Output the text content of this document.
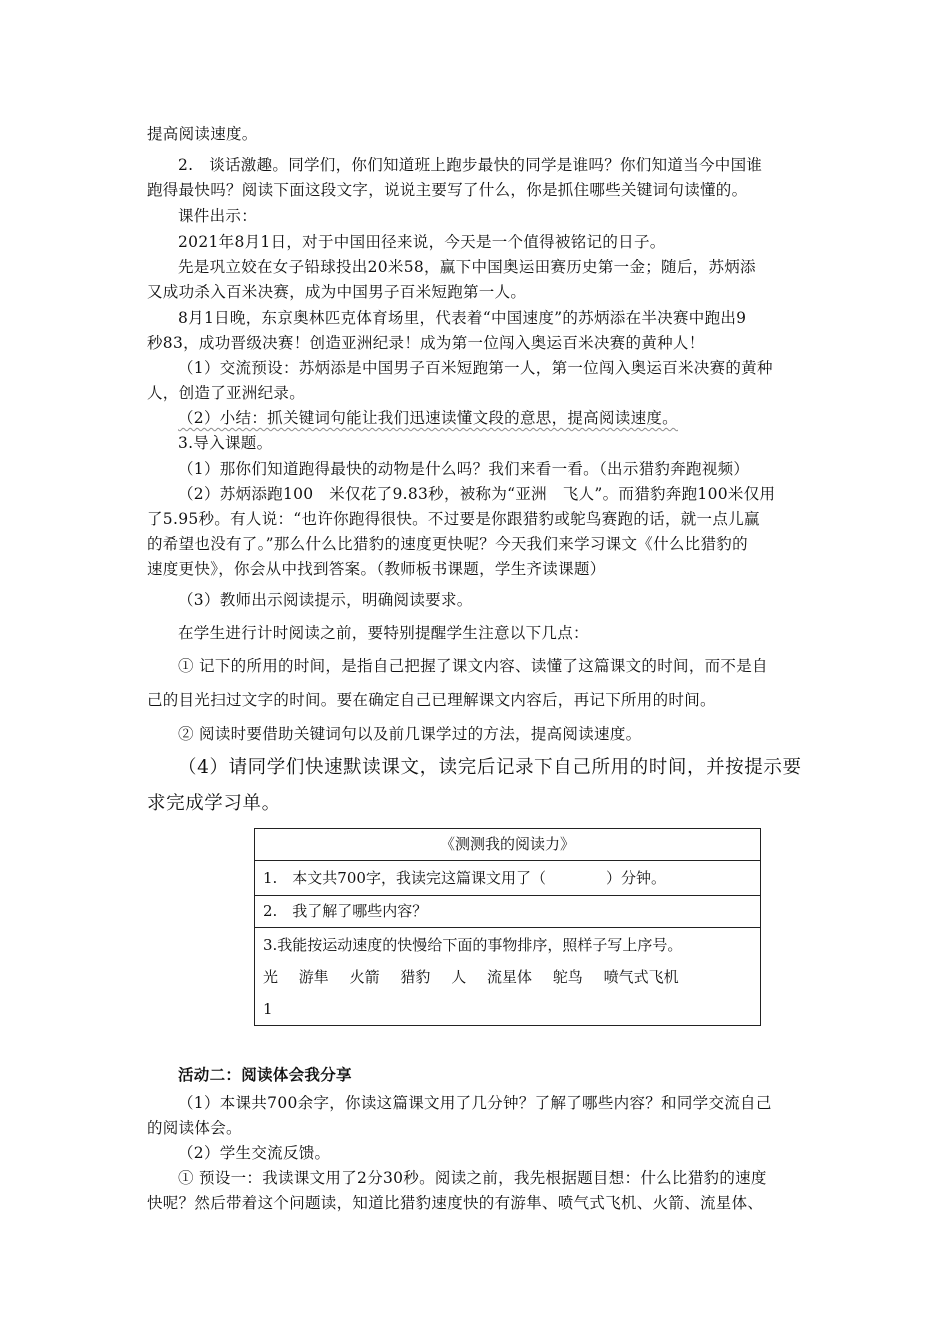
提高阅读速度。
2.　谈话激趣。同学们，你们知道班上跑步最快的同学是谁吗？你们知道当今中国谁
跑得最快吗？阅读下面这段文字，说说主要写了什么，你是抓住哪些关键词句读懂的。
课件出示：
2021年8月1日，对于中国田径来说，今天是一个值得被铭记的日子。
先是巩立姣在女子铅球投出20米58，赢下中国奥运田赛历史第一金；随后，苏炳添
又成功杀入百米决赛，成为中国男子百米短跑第一人。
8月1日晚，东京奥林匹克体育场里，代表着“中国速度”的苏炳添在半决赛中跑出9
秒83，成功晋级决赛！创造亚洲纪录！成为第一位闯入奥运百米决赛的黄种人！
（1）交流预设：苏炳添是中国男子百米短跑第一人，第一位闯入奥运百米决赛的黄种
人，创造了亚洲纪录。
（2）小结：抓关键词句能让我们迅速读懂文段的意思，提高阅读速度。
3.导入课题。
（1）那你们知道跑得最快的动物是什么吗？我们来看一看。（出示猎豹奔跑视频）
（2）苏炳添跑100　米仅花了9.83秒，被称为“亚洲　飞人”。而猎豹奔跑100米仅用
了5.95秒。有人说：“也许你跑得很快。不过要是你跟猎豹或鸵鸟赛跑的话，就一点儿赢
的希望也没有了。”那么什么比猎豹的速度更快呢？今天我们来学习课文《什么比猎豹的
速度更快》，你会从中找到答案。（教师板书课题，学生齐读课题）
（3）教师出示阅读提示，明确阅读要求。
在学生进行计时阅读之前，要特别提醒学生注意以下几点：
① 记下的所用的时间，是指自己把握了课文内容、读懂了这篇课文的时间，而不是自
己的目光扫过文字的时间。要在确定自己已理解课文内容后，再记下所用的时间。
② 阅读时要借助关键词句以及前几课学过的方法，提高阅读速度。
（4）请同学们快速默读课文，读完后记录下自己所用的时间，并按提示要
求完成学习单。
《测测我的阅读力》
1.　本文共700字，我读完这篇课文用了（	）分钟。
2.　我了解了哪些内容？

3.我能按运动速度的快慢给下面的事物排序，照样子写上序号。
光 游隼 火箭 猎豹 人 流星体 鸵鸟 喷气式飞机
1
活动二：阅读体会我分享
（1）本课共700余字，你读这篇课文用了几分钟？了解了哪些内容？和同学交流自己
的阅读体会。
（2）学生交流反馈。
① 预设一：我读课文用了2分30秒。阅读之前，我先根据题目想：什么比猎豹的速度
快呢？然后带着这个问题读，知道比猎豹速度快的有游隼、喷气式飞机、火箭、流星体、
